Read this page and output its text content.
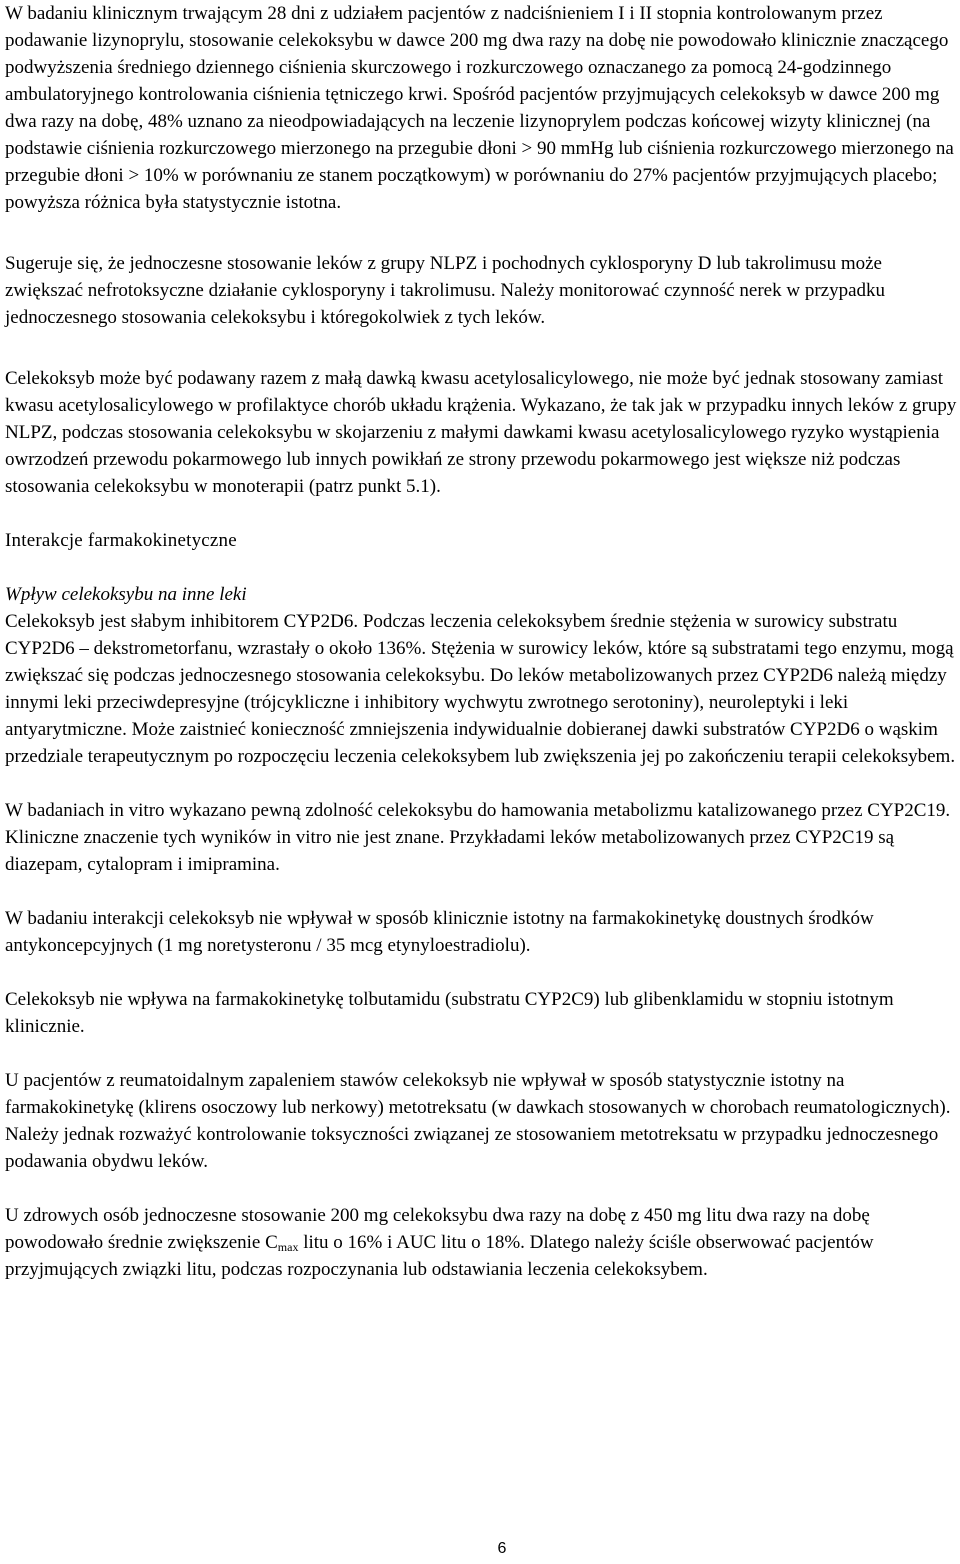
W badaniu klinicznym trwającym 28 dni z udziałem pacjentów z nadciśnieniem I i II stopnia kontrolowanym przez podawanie lizynoprylu, stosowanie celekoksybu w dawce 200 mg dwa razy na dobę nie powodowało klinicznie znaczącego podwyższenia średniego dziennego ciśnienia skurczowego i rozkurczowego oznaczanego za pomocą 24-godzinnego ambulatoryjnego kontrolowania ciśnienia tętniczego krwi. Spośród pacjentów przyjmujących celekoksyb w dawce 200 mg dwa razy na dobę, 48% uznano za nieodpowiadających na leczenie lizynoprylem podczas końcowej wizyty klinicznej (na podstawie ciśnienia rozkurczowego mierzonego na przegubie dłoni > 90 mmHg lub ciśnienia rozkurczowego mierzonego na przegubie dłoni > 10% w porównaniu ze stanem początkowym) w porównaniu do 27% pacjentów przyjmujących placebo; powyższa różnica była statystycznie istotna.

Sugeruje się, że jednoczesne stosowanie leków z grupy NLPZ i pochodnych cyklosporyny D lub takrolimusu może zwiększać nefrotoksyczne działanie cyklosporyny i takrolimusu. Należy monitorować czynność nerek w przypadku jednoczesnego stosowania celekoksybu i któregokolwiek z tych leków.

Celekoksyb może być podawany razem z małą dawką kwasu acetylosalicylowego, nie może być jednak stosowany zamiast kwasu acetylosalicylowego w profilaktyce chorób układu krążenia. Wykazano, że tak jak w przypadku innych leków z grupy NLPZ, podczas stosowania celekoksybu w skojarzeniu z małymi dawkami kwasu acetylosalicylowego ryzyko wystąpienia owrzodzeń przewodu pokarmowego lub innych powikłań ze strony przewodu pokarmowego jest większe niż podczas stosowania celekoksybu w monoterapii (patrz punkt 5.1).

Interakcje farmakokinetyczne

Wpływ celekoksybu na inne leki

Celekoksyb jest słabym inhibitorem CYP2D6. Podczas leczenia celekoksybem średnie stężenia w surowicy substratu CYP2D6 – dekstrometorfanu, wzrastały o około 136%. Stężenia w surowicy leków, które są substratami tego enzymu, mogą zwiększać się podczas jednoczesnego stosowania celekoksybu. Do leków metabolizowanych przez CYP2D6 należą między innymi leki przeciwdepresyjne (trójcykliczne i inhibitory wychwytu zwrotnego serotoniny), neuroleptyki i leki antyarytmiczne. Może zaistnieć konieczność zmniejszenia indywidualnie dobieranej dawki substratów CYP2D6 o wąskim przedziale terapeutycznym po rozpoczęciu leczenia celekoksybem lub zwiększenia jej po zakończeniu terapii celekoksybem.

W badaniach in vitro wykazano pewną zdolność celekoksybu do hamowania metabolizmu katalizowanego przez CYP2C19. Kliniczne znaczenie tych wyników in vitro nie jest znane. Przykładami leków metabolizowanych przez CYP2C19 są diazepam, cytalopram i imipramina.

W badaniu interakcji celekoksyb nie wpływał w sposób klinicznie istotny na farmakokinetykę doustnych środków antykoncepcyjnych (1 mg noretysteronu / 35 mcg etynyloestradiolu).

Celekoksyb nie wpływa na farmakokinetykę tolbutamidu (substratu CYP2C9) lub glibenklamidu w stopniu istotnym klinicznie.

U pacjentów z reumatoidalnym zapaleniem stawów celekoksyb nie wpływał w sposób statystycznie istotny na farmakokinetykę (klirens osoczowy lub nerkowy) metotreksatu (w dawkach stosowanych w chorobach reumatologicznych). Należy jednak rozważyć kontrolowanie toksyczności związanej ze stosowaniem metotreksatu w przypadku jednoczesnego podawania obydwu leków.

U zdrowych osób jednoczesne stosowanie 200 mg celekoksybu dwa razy na dobę z 450 mg litu dwa razy na dobę powodowało średnie zwiększenie $C_{max}$ litu o 16% i AUC litu o 18%. Dlatego należy ściśle obserwować pacjentów przyjmujących związki litu, podczas rozpoczynania lub odstawiania leczenia celekoksybem.

6
